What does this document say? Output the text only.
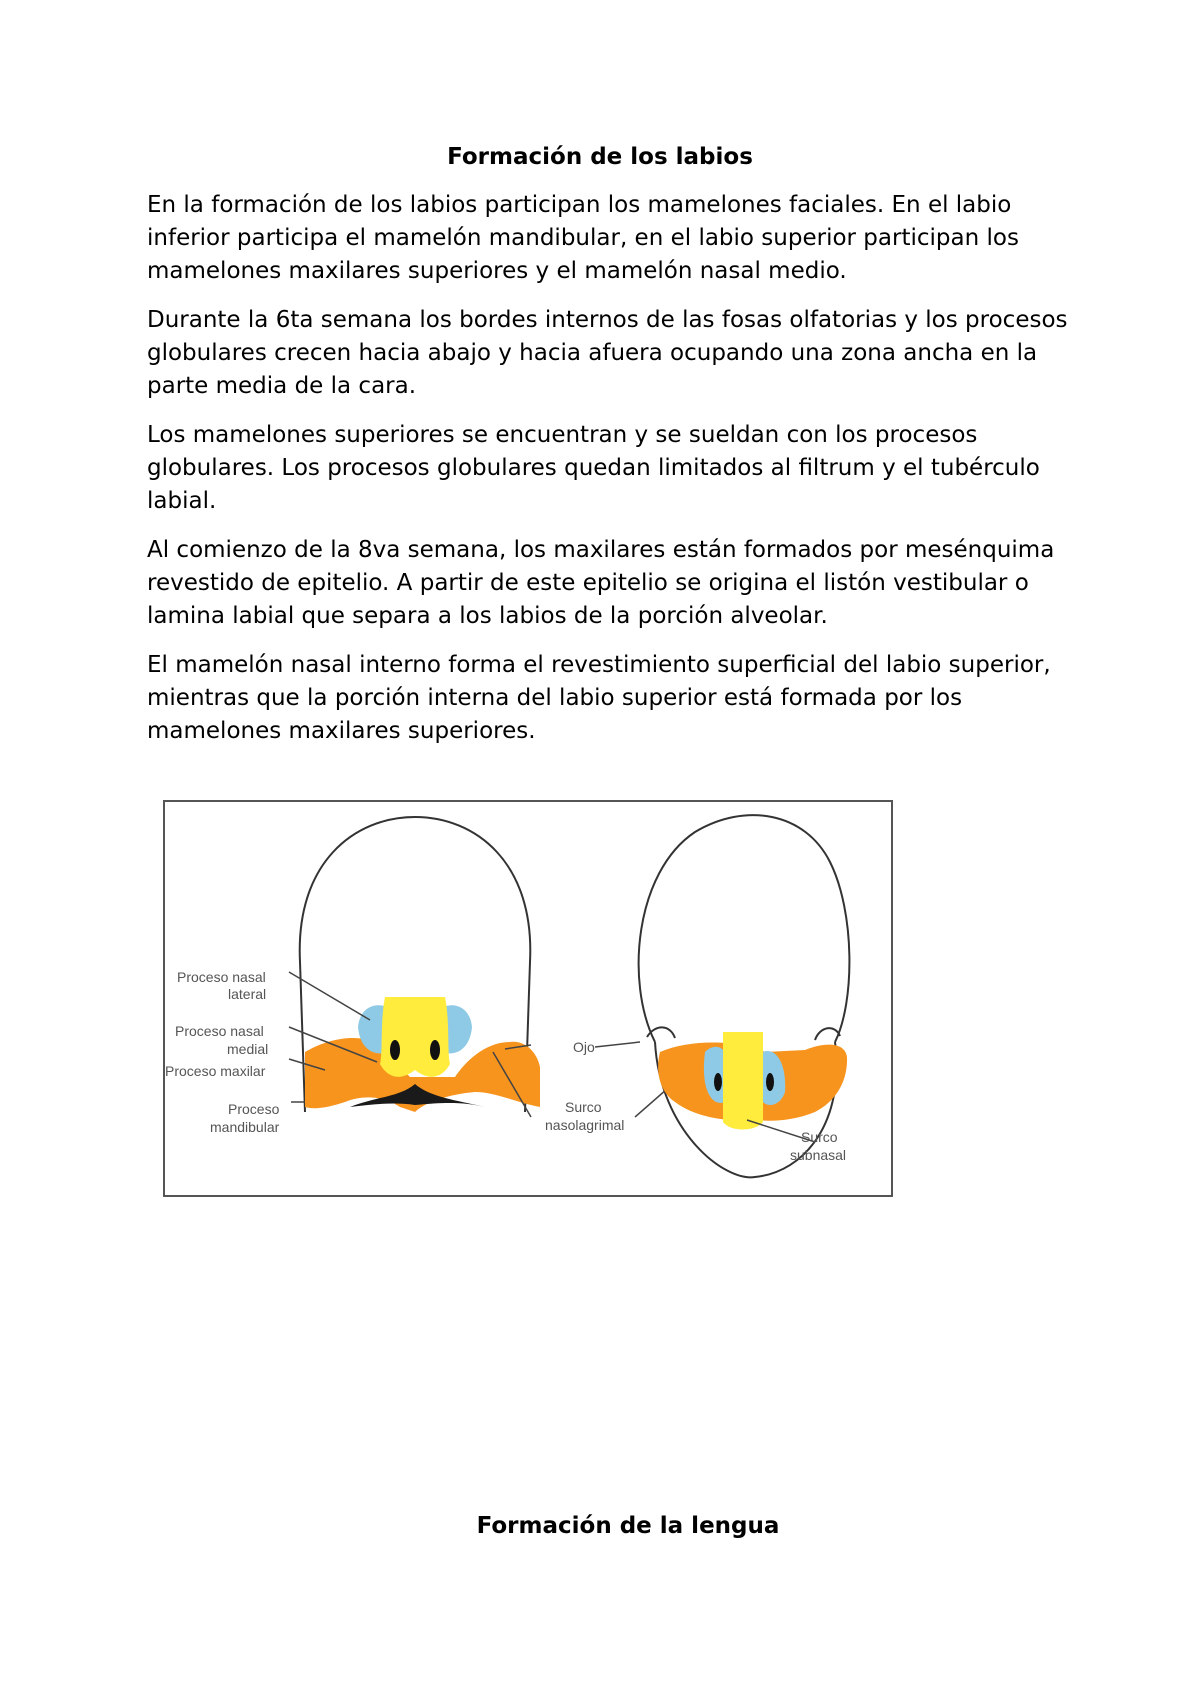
Formación de los labios

En la formación de los labios participan los mamelones faciales. En el labio inferior participa el mamelón mandibular, en el labio superior participan los mamelones maxilares superiores y el mamelón nasal medio.

Durante la 6ta semana los bordes internos de las fosas olfatorias y los procesos globulares crecen hacia abajo y hacia afuera ocupando una zona ancha en la parte media de la cara.

Los mamelones superiores se encuentran y se sueldan con los procesos globulares. Los procesos globulares quedan limitados al filtrum y el tubérculo labial.

Al comienzo de la 8va semana, los maxilares están formados por mesénquima revestido de epitelio. A partir de este epitelio se origina el listón vestibular o lamina labial que separa a los labios de la porción alveolar.

El mamelón nasal interno forma el revestimiento superficial del labio superior, mientras que la porción interna del labio superior está formada por los mamelones maxilares superiores.

Proceso nasal
lateral
Proceso nasal
medial
Proceso maxilar
Proceso
mandibular
Ojo
Surco
nasolagrimal
Surco
subnasal
Formación de la lengua
